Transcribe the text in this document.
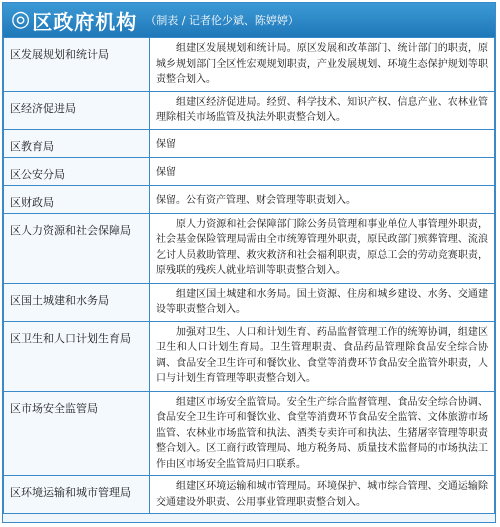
◎ 区政府机构 （制表 / 记者伦少斌、陈婷婷）
区发展规划和统计局	组建区发展规划和统计局。原区发展和改革部门、统计部门的职责，原城乡规划部门全区性宏观规划职责，产业发展规划、环境生态保护规划等职责整合划入。
区经济促进局	组建区经济促进局。经贸、科学技术、知识产权、信息产业、农林业管理除相关市场监管及执法外职责整合划入。
区教育局	保留
区公安分局	保留
区财政局	保留。公有资产管理、财会管理等职责划入。
区人力资源和社会保障局	原人力资源和社会保障部门除公务员管理和事业单位人事管理外职责，社会基金保险管理局需由全市统筹管理外职责，原民政部门殡葬管理、流浪乞讨人员救助管理、救灾救济和社会福利职责，原总工会的劳动竞赛职责，原残联的残疾人就业培训等职责整合划入。
区国土城建和水务局	组建区国土城建和水务局。国土资源、住房和城乡建设、水务、交通建设等职责整合划入。
区卫生和人口计划生育局	加强对卫生、人口和计划生育、药品监督管理工作的统筹协调，组建区卫生和人口计划生育局。卫生管理职责、食品药品管理除食品安全综合协调、食品安全卫生许可和餐饮业、食堂等消费环节食品安全监管外职责，人口与计划生育管理等职责整合划入。
区市场安全监管局	组建区市场安全监管局。安全生产综合监督管理、食品安全综合协调、食品安全卫生许可和餐饮业、食堂等消费环节食品安全监管、文体旅游市场监管、农林业市场监管和执法、酒类专卖许可和执法、生猪屠宰管理等职责整合划入。区工商行政管理局、地方税务局、质量技术监督局的市场执法工作由区市场安全监管局归口联系。
区环境运输和城市管理局	组建区环境运输和城市管理局。环境保护、城市综合管理、交通运输除交通建设外职责、公用事业管理职责整合划入。
